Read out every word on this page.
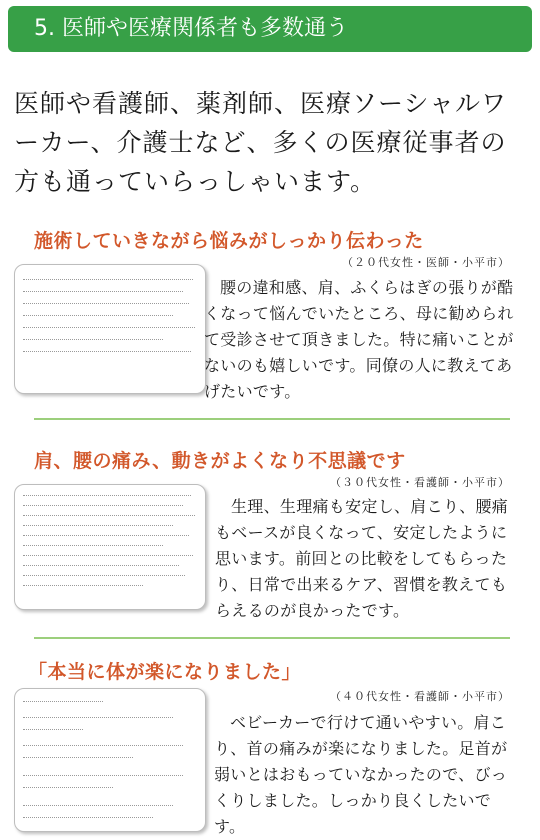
5. 医師や医療関係者も多数通う
医師や看護師、薬剤師、医療ソーシャルワーカー、介護士など、多くの医療従事者の方も通っていらっしゃいます。
施術していきながら悩みがしっかり伝わった
（２０代女性・医師・小平市）
腰の違和感、肩、ふくらはぎの張りが酷くなって悩んでいたところ、母に勧められて受診させて頂きました。特に痛いことがないのも嬉しいです。同僚の人に教えてあげたいです。
肩、腰の痛み、動きがよくなり不思議です
（３０代女性・看護師・小平市）
生理、生理痛も安定し、肩こり、腰痛もベースが良くなって、安定したように思います。前回との比較をしてもらったり、日常で出来るケア、習慣を教えてもらえるのが良かったです。
「本当に体が楽になりました」
（４０代女性・看護師・小平市）
ベビーカーで行けて通いやすい。肩こり、首の痛みが楽になりました。足首が弱いとはおもっていなかったので、びっくりしました。しっかり良くしたいです。
